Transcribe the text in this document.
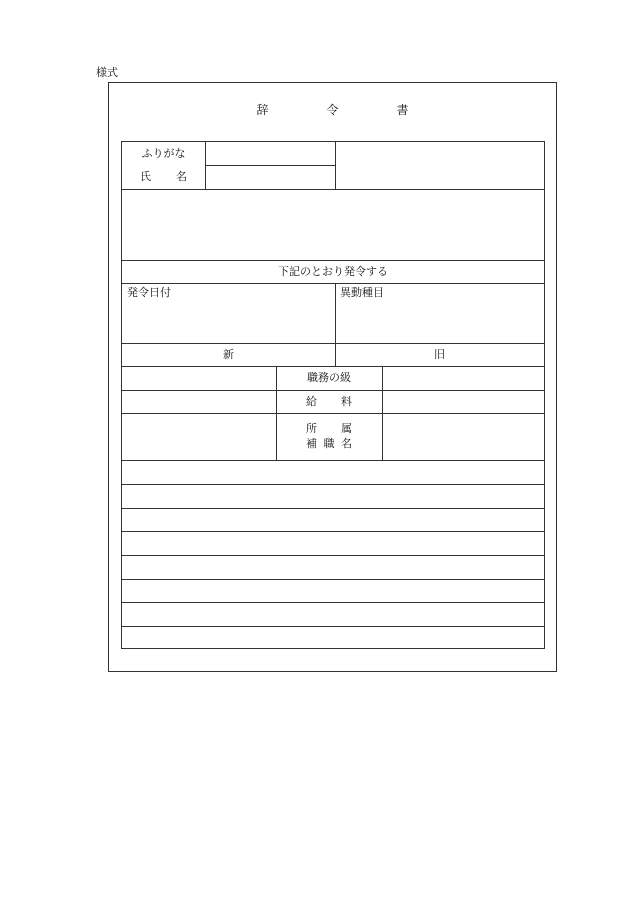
様式
辞	令	書
ふりがな
氏 名
下記のとおり発令する
発令日付	異動種目
新	旧
職務の級
給 料
所 属
補 職 名
